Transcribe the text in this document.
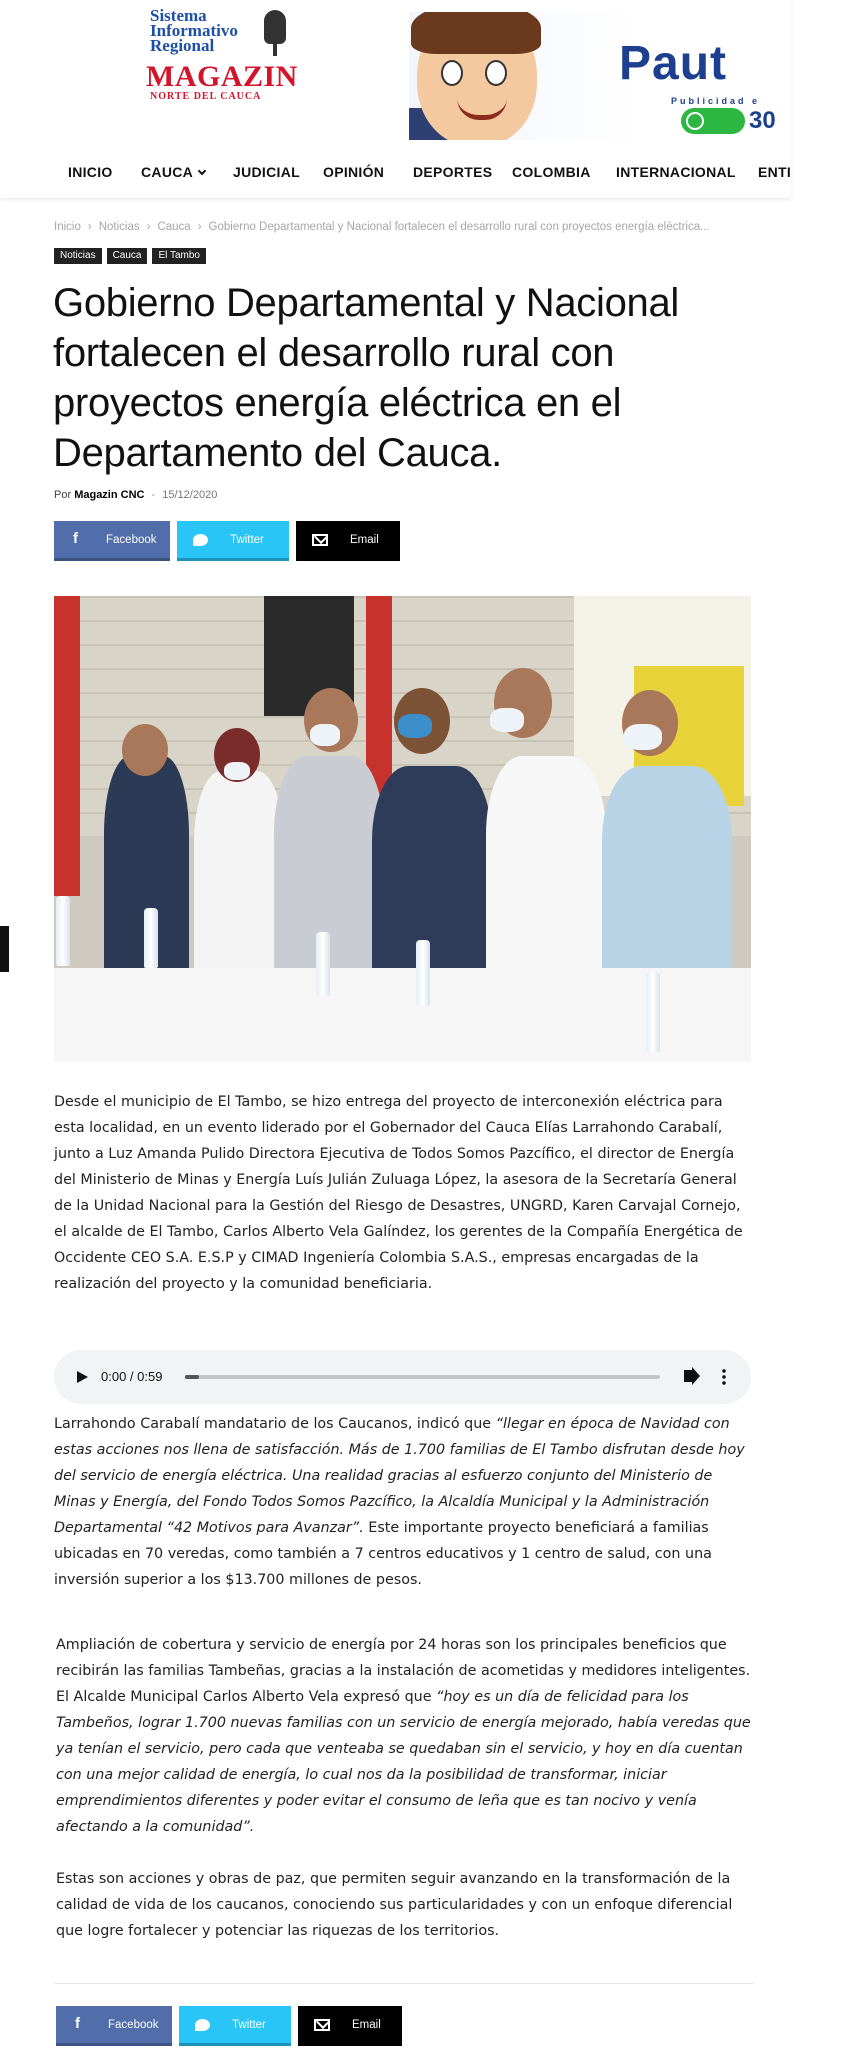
Sistema
Informativo
Regional
MAGAZIN
NORTE DEL CAUCA
Paut
Publicidad e
30
INICIO CAUCA	JUDICIAL OPINIÓN DEPORTES COLOMBIA INTERNACIONAL ENTI
Inicio › Noticias › Cauca › Gobierno Departamental y Nacional fortalecen el desarrollo rural con proyectos energía eléctrica...
Noticias	Cauca	El Tambo
Gobierno Departamental y Nacional fortalecen el desarrollo rural con proyectos energía eléctrica en el Departamento del Cauca.
Por Magazin CNC - 15/12/2020
f
Facebook	Twitter	Email

Desde el municipio de El Tambo, se hizo entrega del proyecto de interconexión eléctrica para esta localidad, en un evento liderado por el Gobernador del Cauca Elías Larrahondo Carabalí, junto a Luz Amanda Pulido Directora Ejecutiva de Todos Somos Pazcífico, el director de Energía del Ministerio de Minas y Energía Luís Julián Zuluaga López, la asesora de la Secretaría General de la Unidad Nacional para la Gestión del Riesgo de Desastres, UNGRD, Karen Carvajal Cornejo, el alcalde de El Tambo, Carlos Alberto Vela Galíndez, los gerentes de la Compañía Energética de Occidente CEO S.A. E.S.P y CIMAD Ingeniería Colombia S.A.S., empresas encargadas de la realización del proyecto y la comunidad beneficiaria.

0:00 / 0:59

Larrahondo Carabalí mandatario de los Caucanos, indicó que “llegar en época de Navidad con estas acciones nos llena de satisfacción. Más de 1.700 familias de El Tambo disfrutan desde hoy del servicio de energía eléctrica. Una realidad gracias al esfuerzo conjunto del Ministerio de Minas y Energía, del Fondo Todos Somos Pazcífico, la Alcaldía Municipal y la Administración Departamental “42 Motivos para Avanzar”. Este importante proyecto beneficiará a familias ubicadas en 70 veredas, como también a 7 centros educativos y 1 centro de salud, con una inversión superior a los $13.700 millones de pesos.

Ampliación de cobertura y servicio de energía por 24 horas son los principales beneficios que recibirán las familias Tambeñas, gracias a la instalación de acometidas y medidores inteligentes. El Alcalde Municipal Carlos Alberto Vela expresó que “hoy es un día de felicidad para los Tambeños, lograr 1.700 nuevas familias con un servicio de energía mejorado, había veredas que ya tenían el servicio, pero cada que venteaba se quedaban sin el servicio, y hoy en día cuentan con una mejor calidad de energía, lo cual nos da la posibilidad de transformar, iniciar emprendimientos diferentes y poder evitar el consumo de leña que es tan nocivo y venía afectando a la comunidad”.

Estas son acciones y obras de paz, que permiten seguir avanzando en la transformación de la calidad de vida de los caucanos, conociendo sus particularidades y con un enfoque diferencial que logre fortalecer y potenciar las riquezas de los territorios.

f
Facebook	Twitter	Email
